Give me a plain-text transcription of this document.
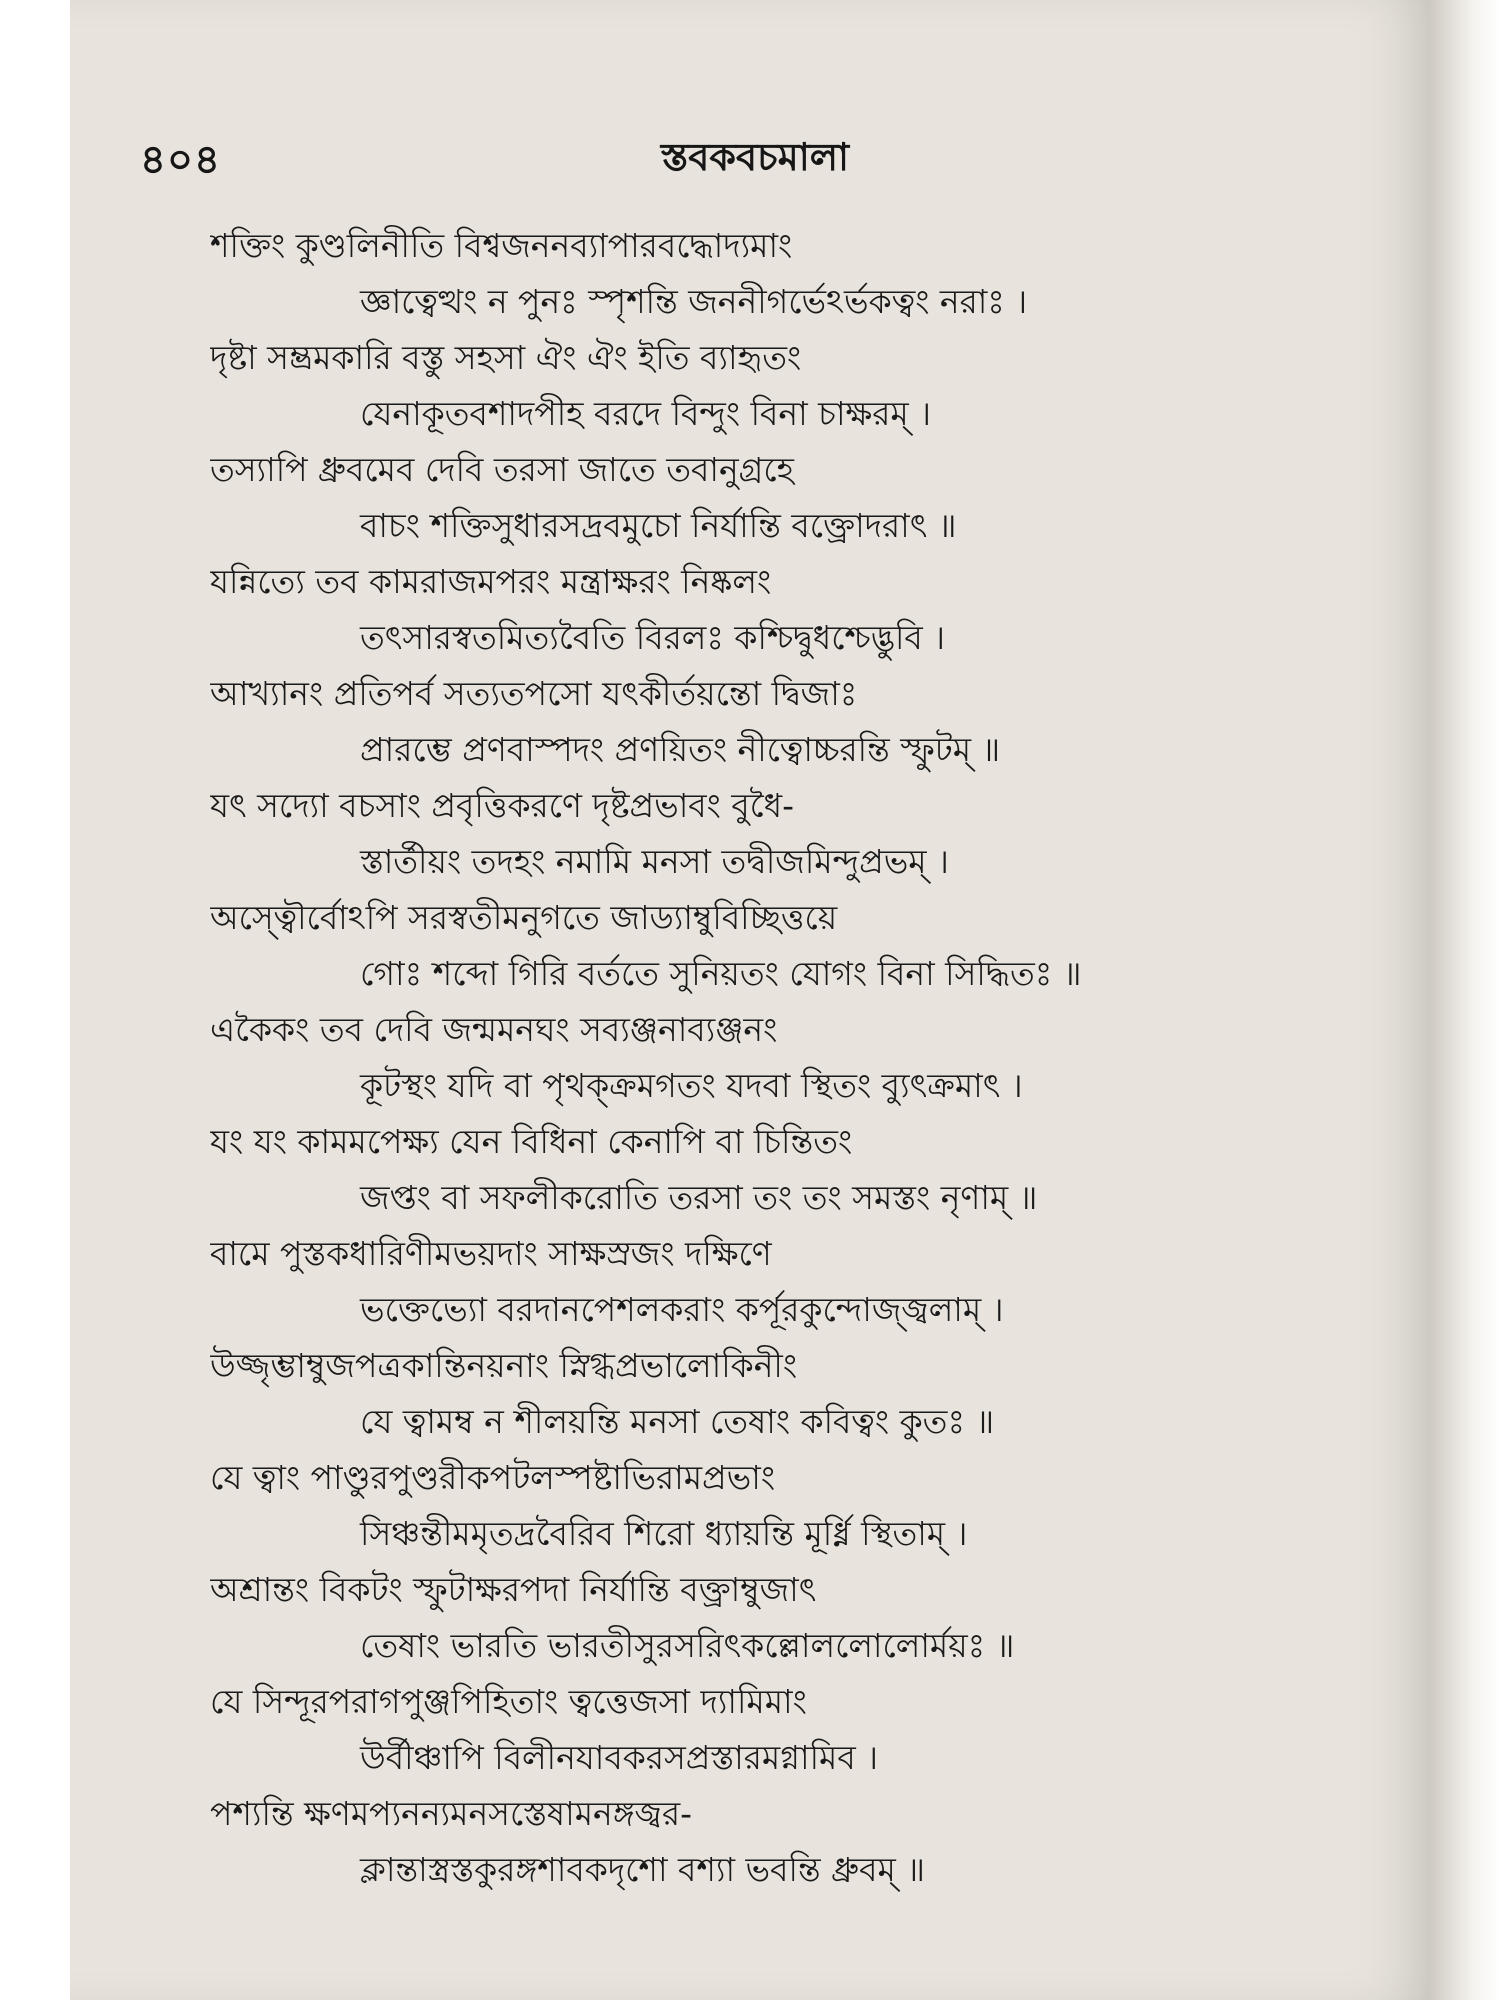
৪০৪	স্তবকবচমালা
শক্তিং কুণ্ডলিনীতি বিশ্বজননব্যাপারবদ্ধোদ্যমাং
জ্ঞাত্বেত্থং ন পুনঃ স্পৃশন্তি জননীগর্ভেঽর্ভকত্বং নরাঃ ।
দৃষ্টা সম্ভ্রমকারি বস্তু সহসা ঐং ঐং ইতি ব্যাহৃতং
যেনাকূতবশাদপীহ বরদে বিন্দুং বিনা চাক্ষরম্ ।
তস্যাপি ধ্রুবমেব দেবি তরসা জাতে তবানুগ্রহে
বাচং শক্তিসুধারসদ্রবমুচো নির্যান্তি বক্ত্রোদরাৎ ॥
যন্নিত্যে তব কামরাজমপরং মন্ত্রাক্ষরং নিষ্কলং
তৎসারস্বতমিত্যবৈতি বিরলঃ কশ্চিদ্বুধশ্চেদ্ভুবি ।
আখ্যানং প্রতিপর্ব সত্যতপসো যৎকীর্তয়ন্তো দ্বিজাঃ
প্রারম্ভে প্রণবাস্পদং প্রণয়িতং নীত্বোচ্চরন্তি স্ফুটম্ ॥
যৎ সদ্যো বচসাং প্রবৃত্তিকরণে দৃষ্টপ্রভাবং বুধৈ-
স্তার্তীয়ং তদহং নমামি মনসা তদ্বীজমিন্দুপ্রভম্ ।
অস্ত্বৌর্বোঽপি সরস্বতীমনুগতে জাড্যাম্বুবিচ্ছিত্তয়ে
গোঃ শব্দো গিরি বর্ততে সুনিয়তং যোগং বিনা সিদ্ধিতঃ ॥
একৈকং তব দেবি জন্মমনঘং সব্যঞ্জনাব্যঞ্জনং
কূটস্থং যদি বা পৃথক্ক্রমগতং যদবা স্থিতং ব্যুৎক্রমাৎ ।
যং যং কামমপেক্ষ্য যেন বিধিনা কেনাপি বা চিন্তিতং
জপ্তং বা সফলীকরোতি তরসা তং তং সমস্তং নৃণাম্ ॥
বামে পুস্তকধারিণীমভয়দাং সাক্ষস্রজং দক্ষিণে
ভক্তেভ্যো বরদানপেশলকরাং কর্পূরকুন্দোজ্জ্বলাম্ ।
উজ্জৃম্ভাম্বুজপত্রকান্তিনয়নাং স্নিগ্ধপ্রভালোকিনীং
যে ত্বামম্ব ন শীলয়ন্তি মনসা তেষাং কবিত্বং কুতঃ ॥
যে ত্বাং পাণ্ডুরপুণ্ডরীকপটলস্পষ্টাভিরামপ্রভাং
সিঞ্চন্তীমমৃতদ্রবৈরিব শিরো ধ্যায়ন্তি মূর্ধ্নি স্থিতাম্ ।
অশ্রান্তং বিকটং স্ফুটাক্ষরপদা নির্যান্তি বক্ত্রাম্বুজাৎ
তেষাং ভারতি ভারতীসুরসরিৎকল্লোললোলোর্ময়ঃ ॥
যে সিন্দূরপরাগপুঞ্জপিহিতাং ত্বত্তেজসা দ্যামিমাং
উর্বীঞ্চাপি বিলীনযাবকরসপ্রস্তারমগ্নামিব ।
পশ্যন্তি ক্ষণমপ্যনন্যমনসস্তেষামনঙ্গজ্বর-
ক্লান্তাস্ত্রস্তকুরঙ্গশাবকদৃশো বশ্যা ভবন্তি ধ্রুবম্ ॥
